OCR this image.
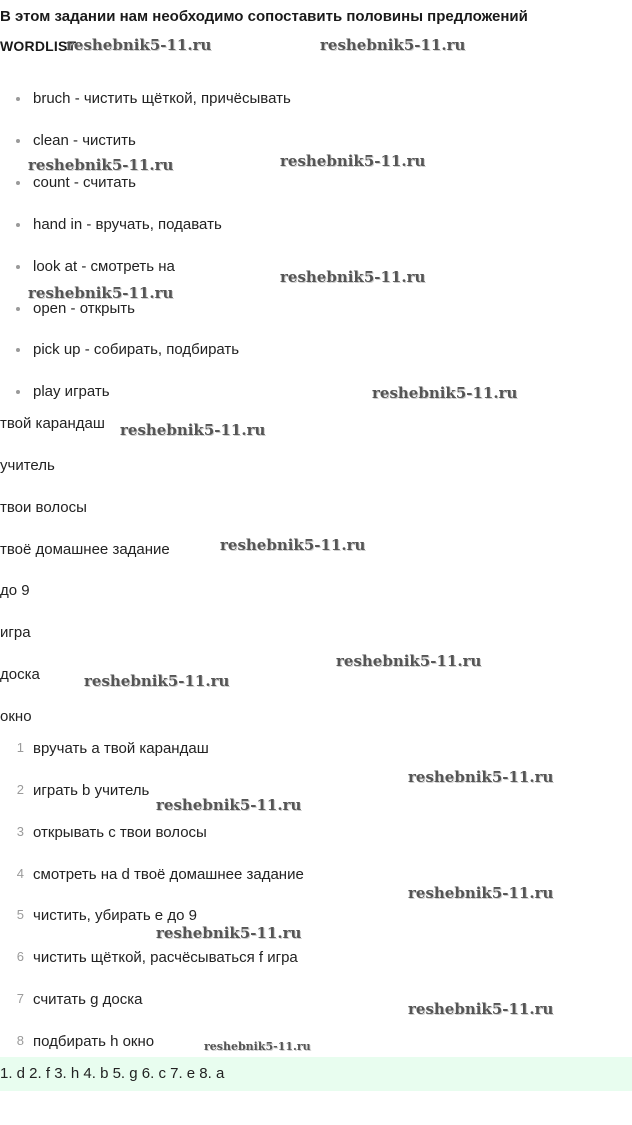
В этом задании нам необходимо сопоставить половины предложений
WORDLIST
bruch - чистить щёткой, причёсывать
clean - чистить
count - считать
hand in - вручать, подавать
look at - смотреть на
open - открыть
pick up - собирать, подбирать
play играть
твой карандаш
учитель
твои волосы
твоё домашнее задание
до 9
игра
доска
окно
1 вручать a твой карандаш
2 играть b учитель
3 открывать c твои волосы
4 смотреть на d твоё домашнее задание
5 чистить, убирать e до 9
6 чистить щёткой, расчёсываться f игра
7 считать g доска
8 подбирать h окно
1. d 2. f 3. h 4. b 5. g 6. c 7. e 8. a
reshebnik5-11.ru	reshebnik5-11.ru
reshebnik5-11.ru	reshebnik5-11.ru
reshebnik5-11.ru
reshebnik5-11.ru
reshebnik5-11.ru
reshebnik5-11.ru
reshebnik5-11.ru
reshebnik5-11.ru
reshebnik5-11.ru
reshebnik5-11.ru
reshebnik5-11.ru
reshebnik5-11.ru
reshebnik5-11.ru
reshebnik5-11.ru
reshebnik5-11.ru
